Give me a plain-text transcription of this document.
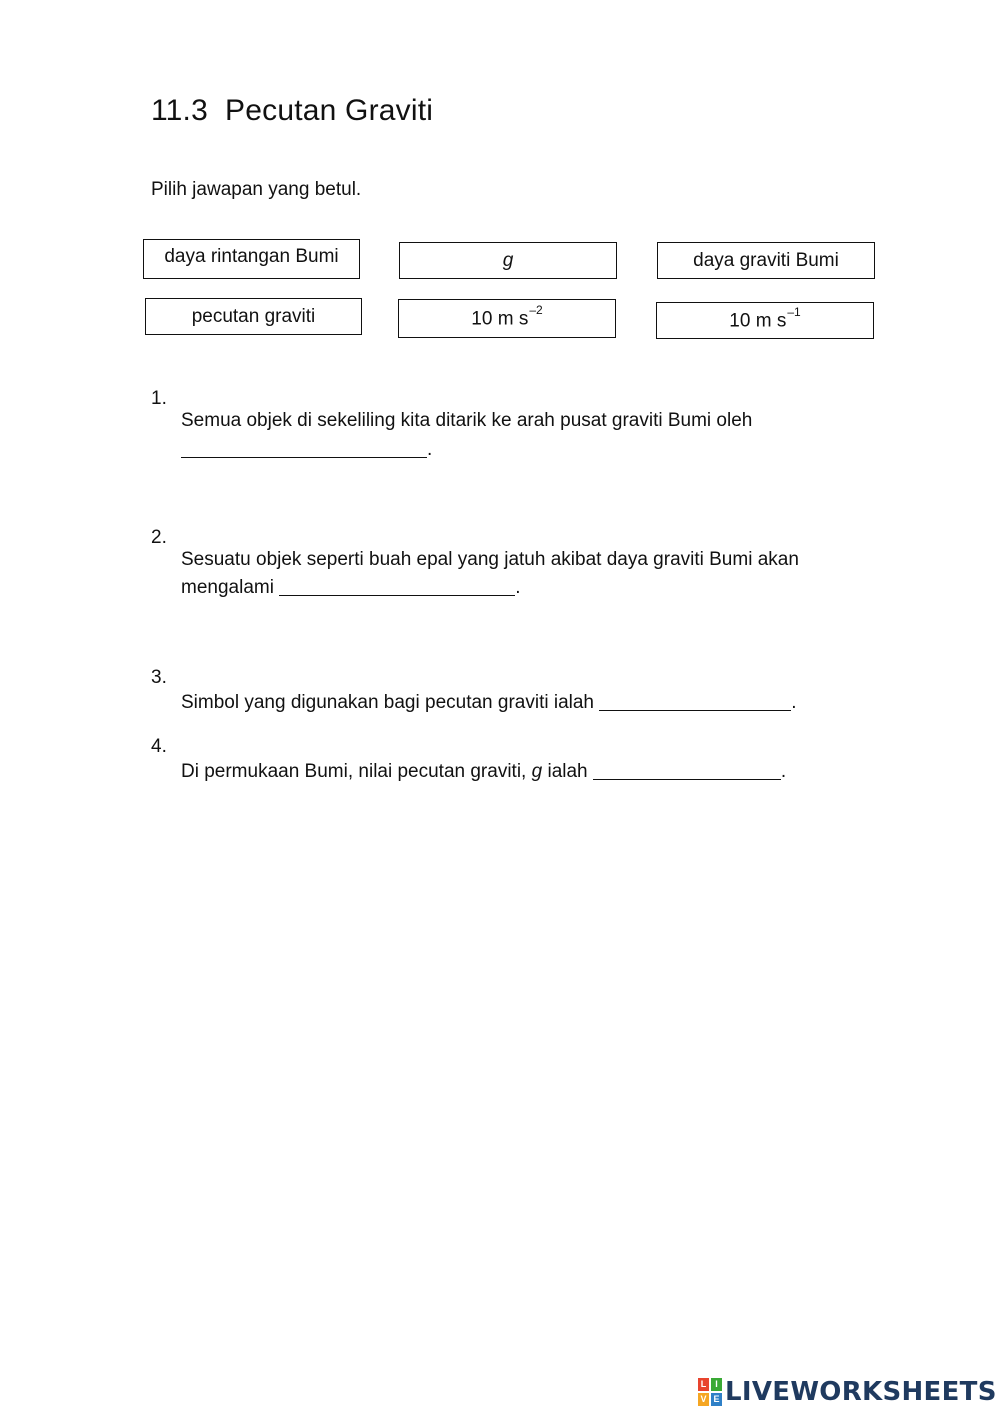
11.3  Pecutan Graviti
Pilih jawapan yang betul.
daya rintangan Bumi	g	daya graviti Bumi
pecutan graviti	10 m $s^{-2}$
10 m $s^{-1}$

1.

Semua objek di sekeliling kita ditarik ke arah pusat graviti Bumi oleh

.

2.

Sesuatu objek seperti buah epal yang jatuh akibat daya graviti Bumi akan

mengalami	.

3.

Simbol yang digunakan bagi pecutan graviti ialah	.

4.

Di permukaan Bumi, nilai pecutan graviti, g ialah	.

L I
V E LIVEWORKSHEETS
